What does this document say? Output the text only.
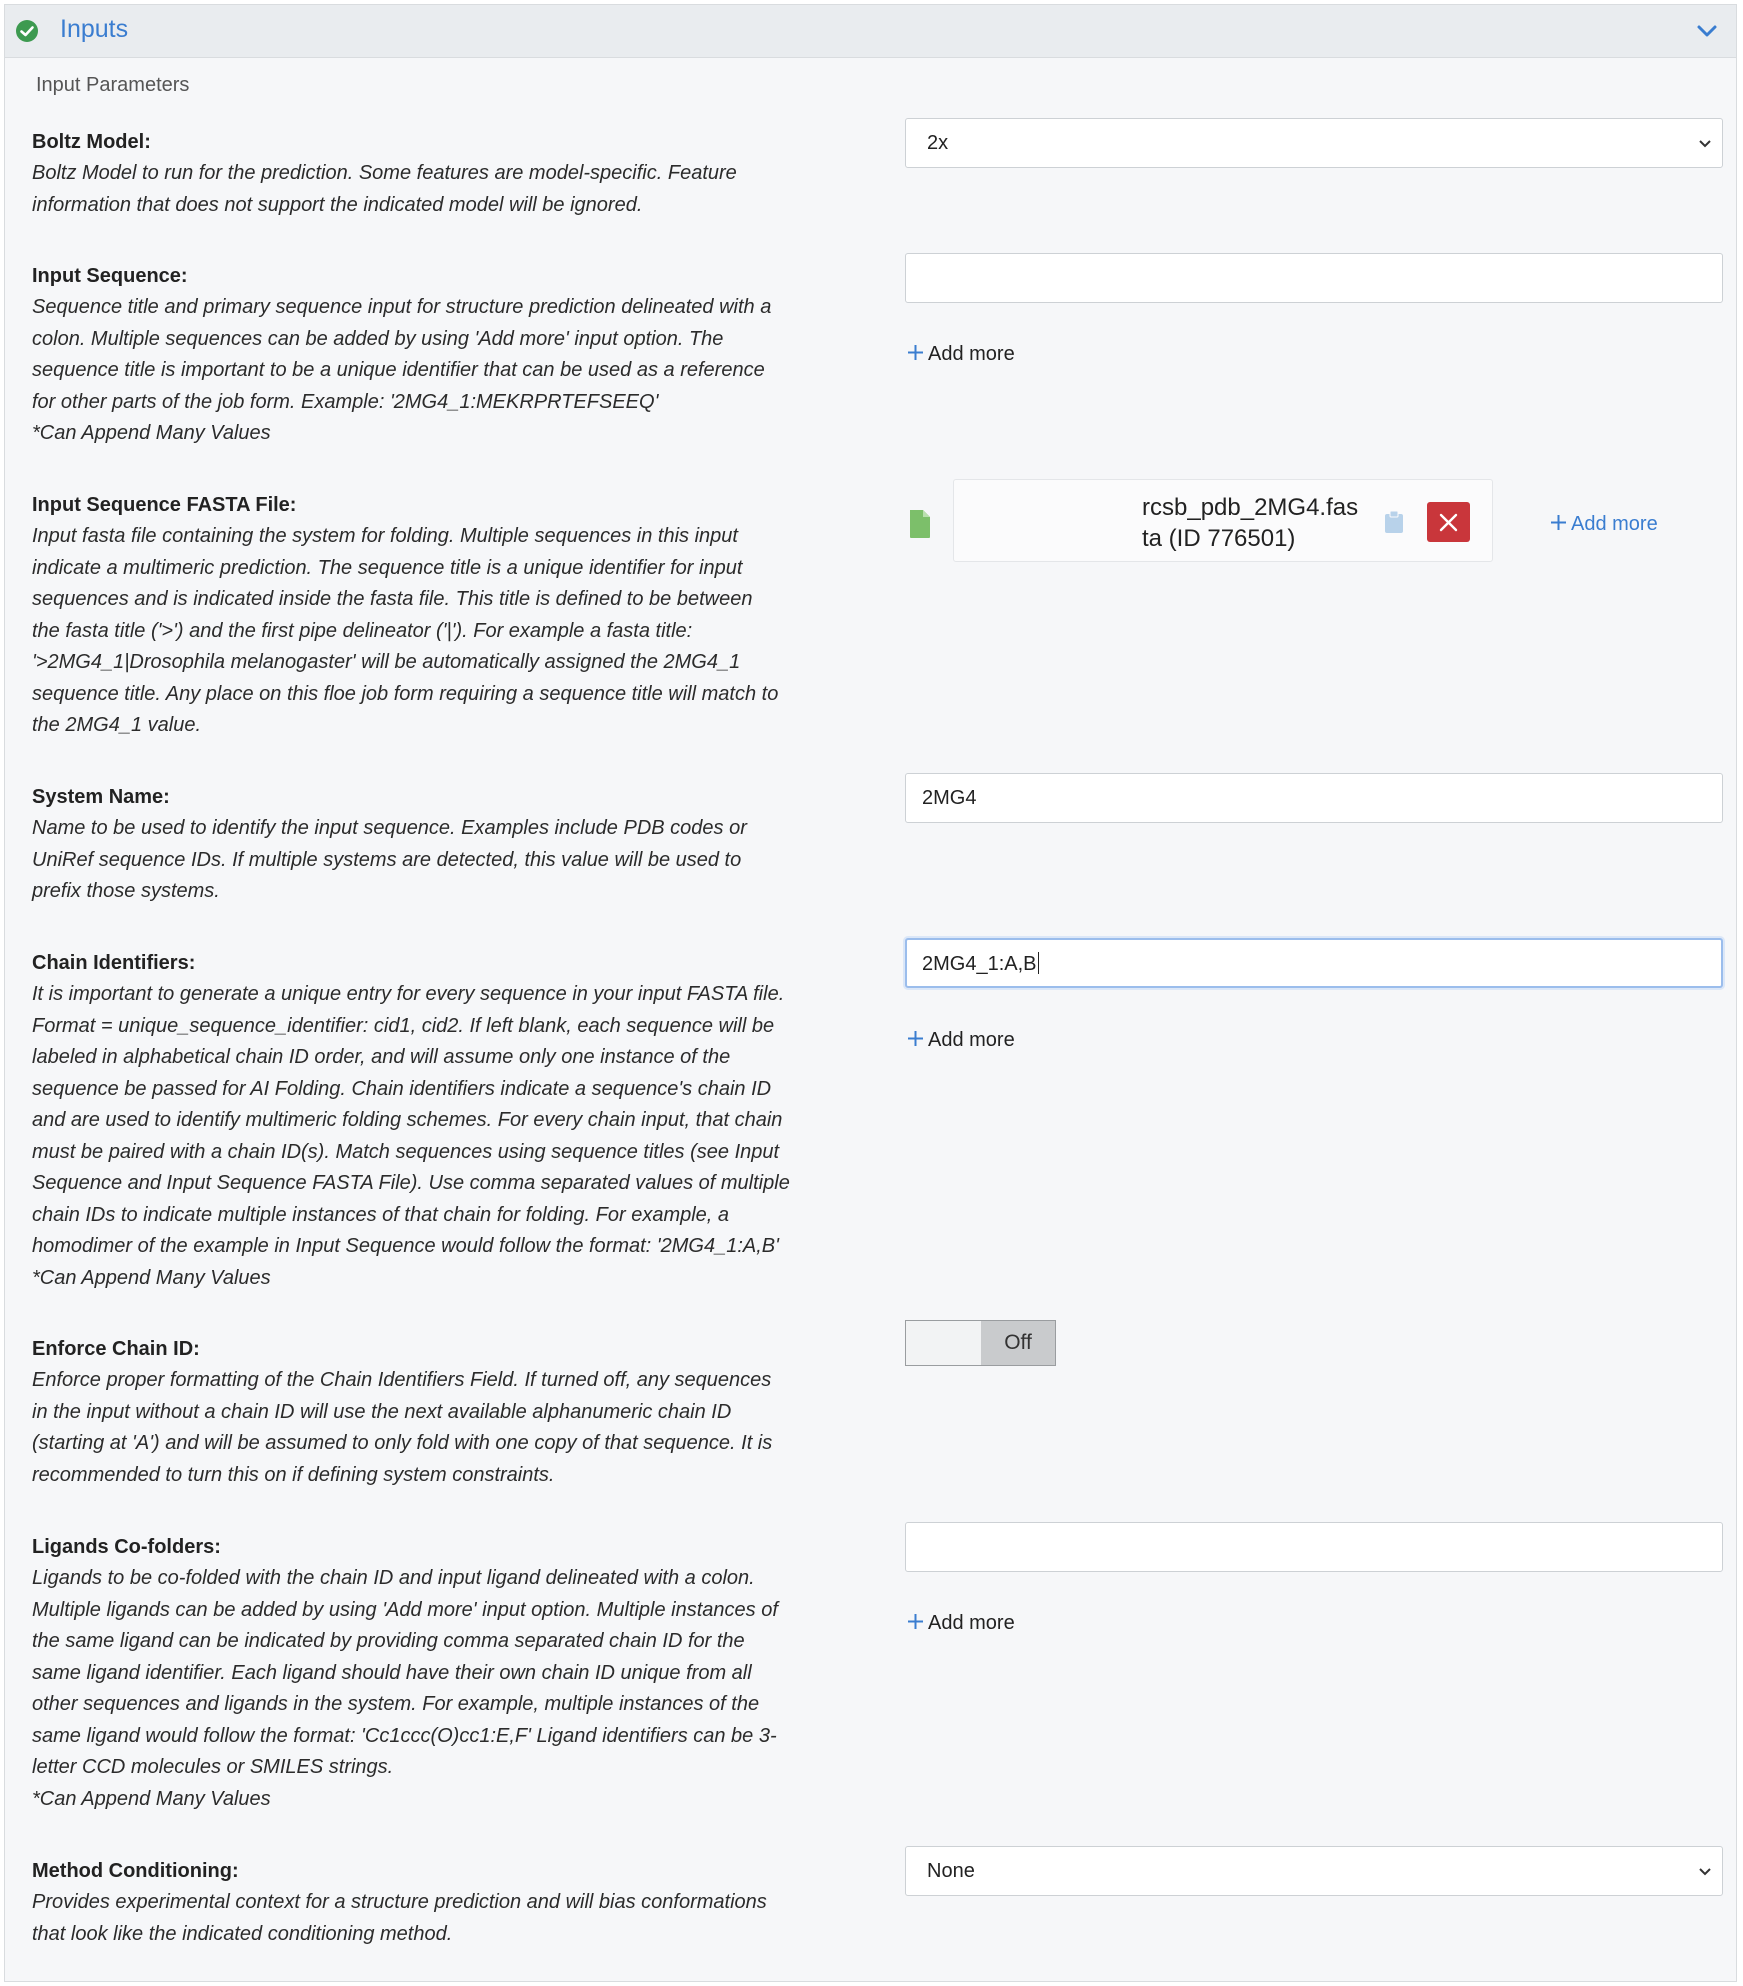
Inputs
Input Parameters
Boltz Model:
Boltz Model to run for the prediction. Some features are model-specific. Feature
information that does not support the indicated model will be ignored.
2x
Input Sequence:
Sequence title and primary sequence input for structure prediction delineated with a
colon. Multiple sequences can be added by using 'Add more' input option. The
sequence title is important to be a unique identifier that can be used as a reference
for other parts of the job form. Example: '2MG4_1:MEKRPRTEFSEEQ'
*Can Append Many Values
Add more
Input Sequence FASTA File:
Input fasta file containing the system for folding. Multiple sequences in this input
indicate a multimeric prediction. The sequence title is a unique identifier for input
sequences and is indicated inside the fasta file. This title is defined to be between
the fasta title ('>') and the first pipe delineator ('|'). For example a fasta title:
'>2MG4_1|Drosophila melanogaster' will be automatically assigned the 2MG4_1
sequence title. Any place on this floe job form requiring a sequence title will match to
the 2MG4_1 value.
rcsb_pdb_2MG4.fas
ta (ID 776501)
Add more
System Name:
Name to be used to identify the input sequence. Examples include PDB codes or
UniRef sequence IDs. If multiple systems are detected, this value will be used to
prefix those systems.
2MG4
Chain Identifiers:
It is important to generate a unique entry for every sequence in your input FASTA file.
Format = unique_sequence_identifier: cid1, cid2. If left blank, each sequence will be
labeled in alphabetical chain ID order, and will assume only one instance of the
sequence be passed for AI Folding. Chain identifiers indicate a sequence's chain ID
and are used to identify multimeric folding schemes. For every chain input, that chain
must be paired with a chain ID(s). Match sequences using sequence titles (see Input
Sequence and Input Sequence FASTA File). Use comma separated values of multiple
chain IDs to indicate multiple instances of that chain for folding. For example, a
homodimer of the example in Input Sequence would follow the format: '2MG4_1:A,B'
*Can Append Many Values
2MG4_1:A,B
Add more
Enforce Chain ID:
Enforce proper formatting of the Chain Identifiers Field. If turned off, any sequences
in the input without a chain ID will use the next available alphanumeric chain ID
(starting at 'A') and will be assumed to only fold with one copy of that sequence. It is
recommended to turn this on if defining system constraints.
Off
Ligands Co-folders:
Ligands to be co-folded with the chain ID and input ligand delineated with a colon.
Multiple ligands can be added by using 'Add more' input option. Multiple instances of
the same ligand can be indicated by providing comma separated chain ID for the
same ligand identifier. Each ligand should have their own chain ID unique from all
other sequences and ligands in the system. For example, multiple instances of the
same ligand would follow the format: 'Cc1ccc(O)cc1:E,F' Ligand identifiers can be 3-
letter CCD molecules or SMILES strings.
*Can Append Many Values
Add more
Method Conditioning:
Provides experimental context for a structure prediction and will bias conformations
that look like the indicated conditioning method.
None
